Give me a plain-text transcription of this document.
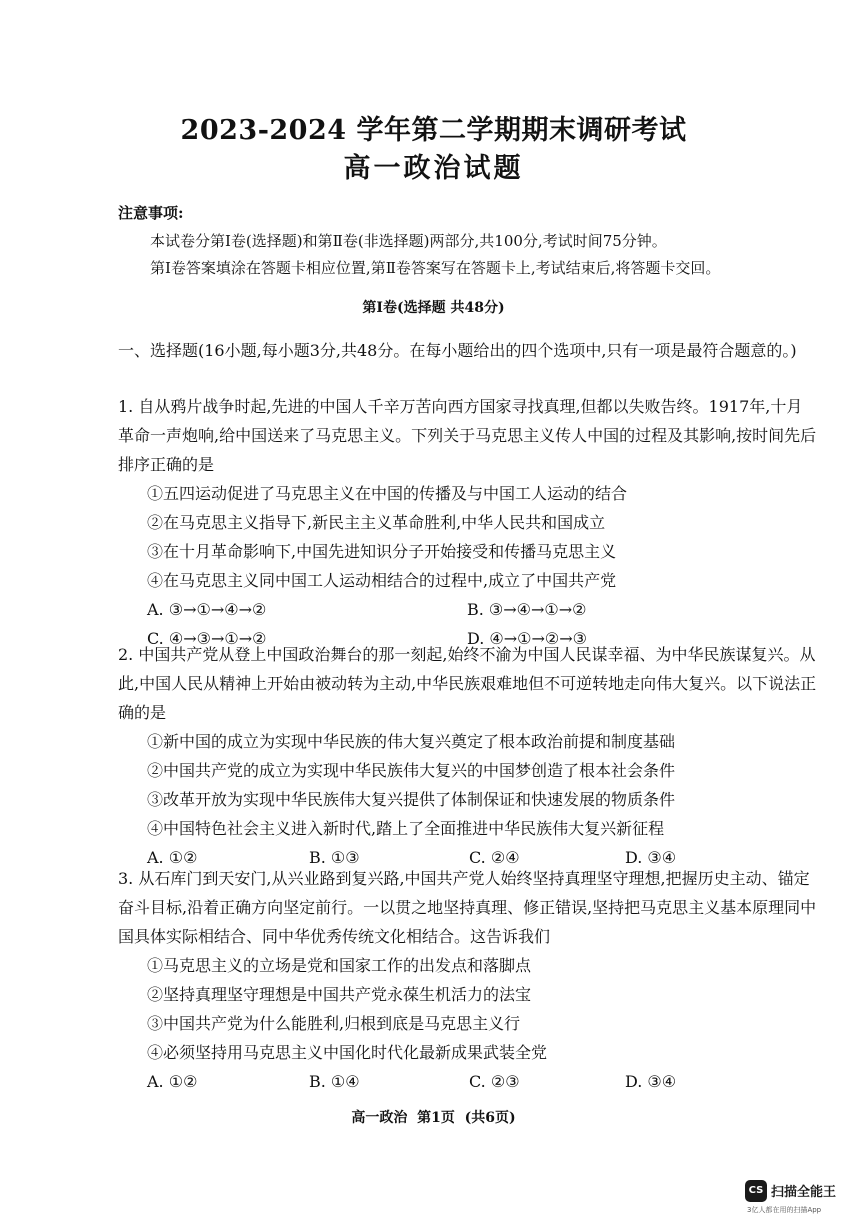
2023-2024 学年第二学期期末调研考试
高一政治试题
注意事项:
本试卷分第Ⅰ卷(选择题)和第Ⅱ卷(非选择题)两部分,共100分,考试时间75分钟。
第Ⅰ卷答案填涂在答题卡相应位置,第Ⅱ卷答案写在答题卡上,考试结束后,将答题卡交回。
第Ⅰ卷(选择题 共48分)
一、选择题(16小题,每小题3分,共48分。在每小题给出的四个选项中,只有一项是最符合题意的。)

1. 自从鸦片战争时起,先进的中国人千辛万苦向西方国家寻找真理,但都以失败告终。1917年,十月革命一声炮响,给中国送来了马克思主义。下列关于马克思主义传人中国的过程及其影响,按时间先后排序正确的是

①五四运动促进了马克思主义在中国的传播及与中国工人运动的结合
②在马克思主义指导下,新民主主义革命胜利,中华人民共和国成立
③在十月革命影响下,中国先进知识分子开始接受和传播马克思主义
④在马克思主义同中国工人运动相结合的过程中,成立了中国共产党
A. ③→①→④→②	B. ③→④→①→②
C. ④→③→①→②	D. ④→①→②→③

2. 中国共产党从登上中国政治舞台的那一刻起,始终不渝为中国人民谋幸福、为中华民族谋复兴。从此,中国人民从精神上开始由被动转为主动,中华民族艰难地但不可逆转地走向伟大复兴。以下说法正确的是

①新中国的成立为实现中华民族的伟大复兴奠定了根本政治前提和制度基础
②中国共产党的成立为实现中华民族伟大复兴的中国梦创造了根本社会条件
③改革开放为实现中华民族伟大复兴提供了体制保证和快速发展的物质条件
④中国特色社会主义进入新时代,踏上了全面推进中华民族伟大复兴新征程
A. ①②	B. ①③	C. ②④	D. ③④

3. 从石库门到天安门,从兴业路到复兴路,中国共产党人始终坚持真理坚守理想,把握历史主动、锚定奋斗目标,沿着正确方向坚定前行。一以贯之地坚持真理、修正错误,坚持把马克思主义基本原理同中国具体实际相结合、同中华优秀传统文化相结合。这告诉我们

①马克思主义的立场是党和国家工作的出发点和落脚点
②坚持真理坚守理想是中国共产党永葆生机活力的法宝
③中国共产党为什么能胜利,归根到底是马克思主义行
④必须坚持用马克思主义中国化时代化最新成果武装全党
A. ①②	B. ①④	C. ②③	D. ③④
高一政治  第1页  (共6页)
CS 扫描全能王
3亿人都在用的扫描App
